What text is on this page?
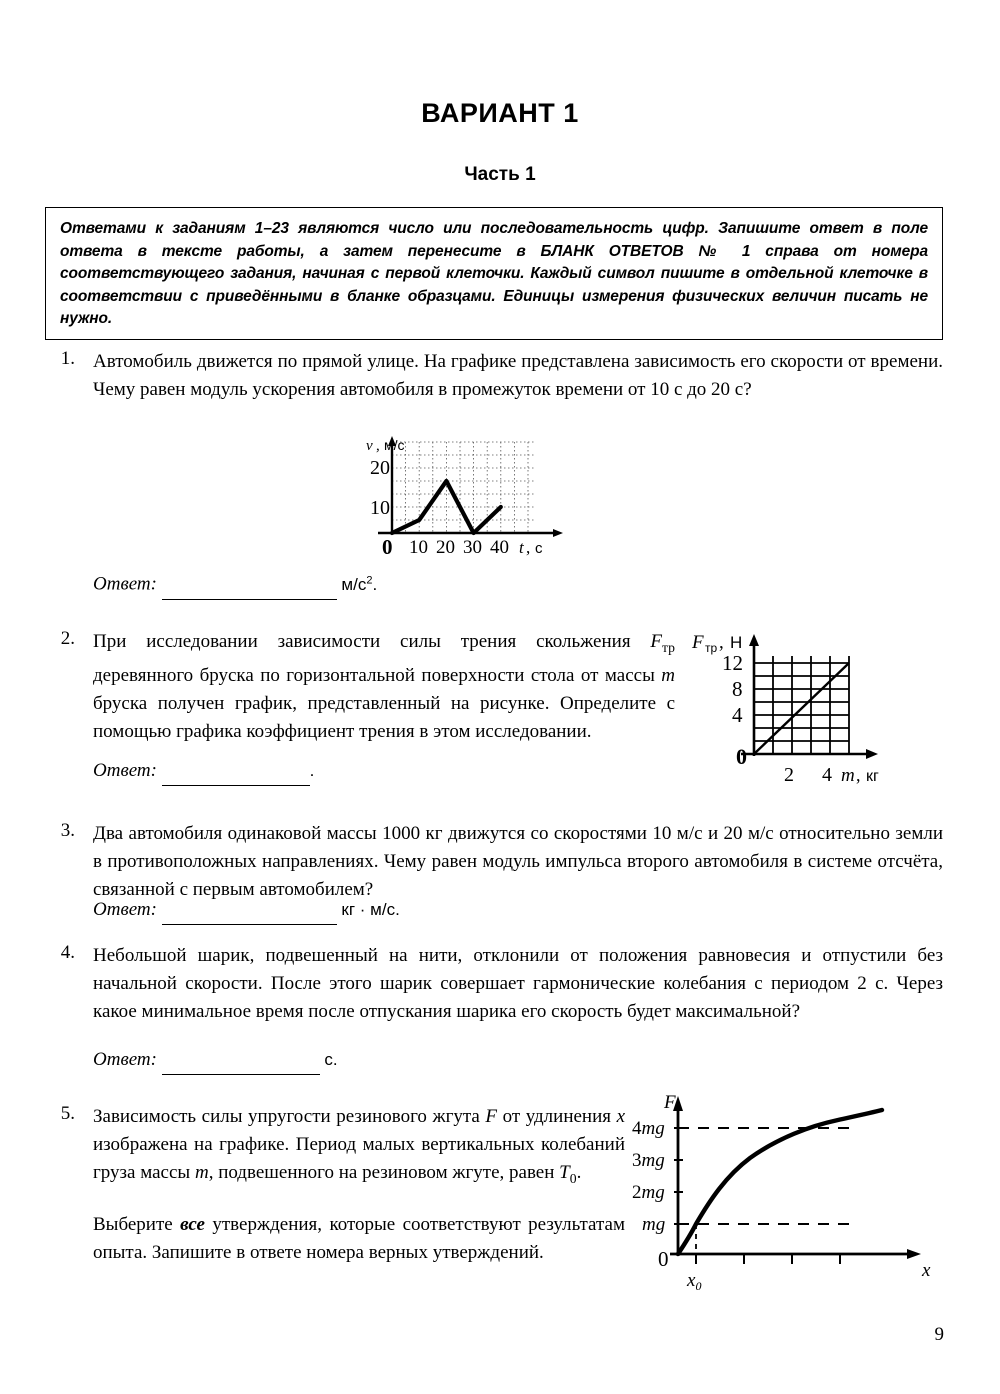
ВАРИАНТ 1
Часть 1

Ответами к заданиям 1–23 являются число или последовательность цифр. Запишите ответ в поле ответа в тексте работы, а затем перенесите в БЛАНК ОТВЕТОВ № 1 справа от номера соответствующего задания, начиная с первой клеточки. Каждый символ пишите в отдельной клеточке в соответствии с приведёнными в бланке образцами. Единицы измерения физических величин писать не нужно.

1. Автомобиль движется по прямой улице. На графике представлена зависимость его скорости от времени. Чему равен модуль ускорения автомобиля в промежуток времени от 10 с до 20 с?

v , м/с
20
10
0 10 20 30 40 t , с
Ответ:	$м/с^2$.
2. При исследовании зависимости силы трения скольжения $F_{тр}$ деревянного бруска по горизонтальной поверхности стола от массы m бруска получен график, представленный на рисунке. Определите с помощью графика коэффициент трения в этом исследовании.

F тр , Н
12
8
4
0
2 4 m , кг
Ответ:	.
3. Два автомобиля одинаковой массы 1000 кг движутся со скоростями 10 м/с и 20 м/с относительно земли в противоположных направлениях. Чему равен модуль импульса второго автомобиля в системе отсчёта, связанной с первым автомобилем?

Ответ:	кг · м/с.
4. Небольшой шарик, подвешенный на нити, отклонили от положения равновесия и отпустили без начальной скорости. После этого шарик совершает гармонические колебания с периодом 2 с. Через какое минимальное время после отпускания шарика его скорость будет максимальной?

Ответ:	с.
5. Зависимость силы упругости резинового жгута F от удлинения x изображена на графике. Период малых вертикальных колебаний груза массы m, подвешенного на резиновом жгуте, равен $T_0$.

Выберите все утверждения, которые соответствуют результатам опыта. Запишите в ответе номера верных утверждений.

F
4mg
3mg
2mg
mg
0
$x_0$
x
9
